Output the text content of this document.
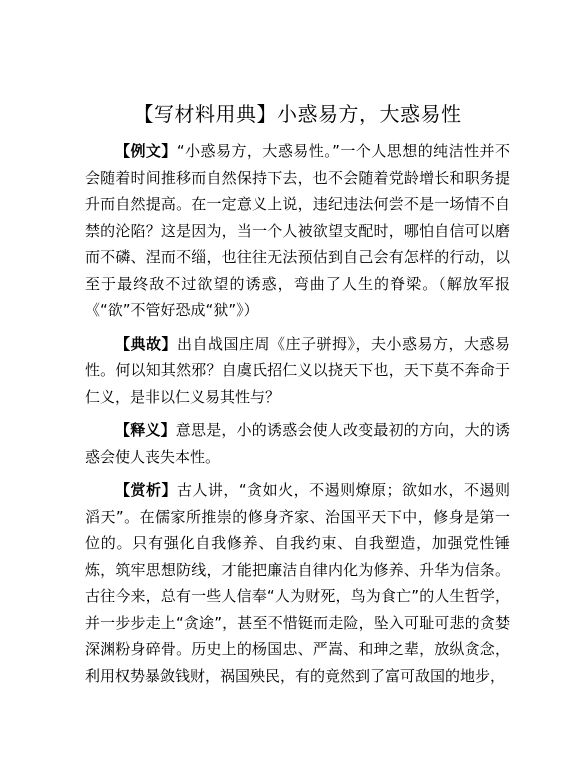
【写材料用典】小惑易方，大惑易性

【例文】“小惑易方，大惑易性。”一个人思想的纯洁性并不会随着时间推移而自然保持下去，也不会随着党龄增长和职务提升而自然提高。在一定意义上说，违纪违法何尝不是一场情不自禁的沦陷？这是因为，当一个人被欲望支配时，哪怕自信可以磨而不磷、涅而不缁，也往往无法预估到自己会有怎样的行动，以至于最终敌不过欲望的诱惑，弯曲了人生的脊梁。（解放军报《“欲”不管好恐成“狱”》）

【典故】出自战国庄周《庄子骈拇》，夫小惑易方，大惑易性。何以知其然邪？自虞氏招仁义以挠天下也，天下莫不奔命于仁义，是非以仁义易其性与？

【释义】意思是，小的诱惑会使人改变最初的方向，大的诱惑会使人丧失本性。

【赏析】古人讲，“贪如火，不遏则燎原；欲如水，不遏则滔天”。在儒家所推崇的修身齐家、治国平天下中，修身是第一位的。只有强化自我修养、自我约束、自我塑造，加强党性锤炼，筑牢思想防线，才能把廉洁自律内化为修养、升华为信条。古往今来，总有一些人信奉“人为财死，鸟为食亡”的人生哲学，并一步步走上“贪途”，甚至不惜铤而走险，坠入可耻可悲的贪婪深渊粉身碎骨。历史上的杨国忠、严嵩、和珅之辈，放纵贪念，利用权势暴敛钱财，祸国殃民，有的竟然到了富可敌国的地步，
